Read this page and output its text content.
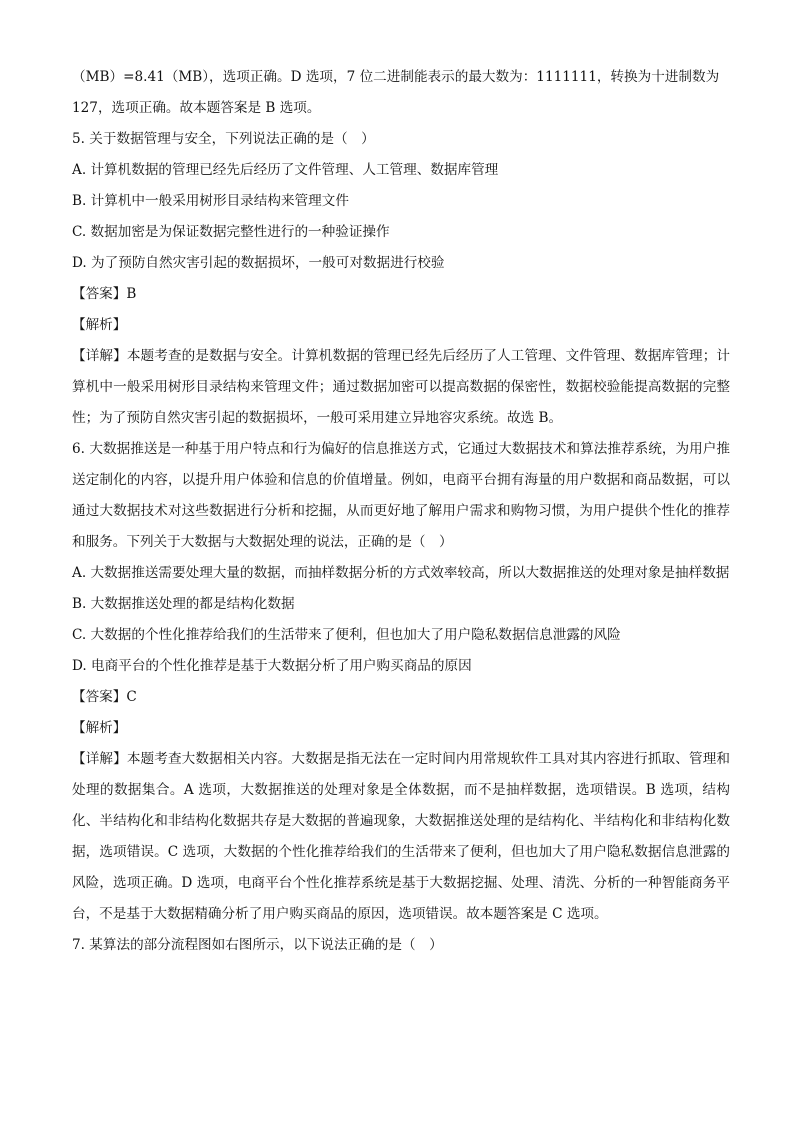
（MB）=8.41（MB），选项正确。D 选项，7 位二进制能表示的最大数为：1111111，转换为十进制数为

127，选项正确。故本题答案是 B 选项。

5. 关于数据管理与安全，下列说法正确的是（　）

A. 计算机数据的管理已经先后经历了文件管理、人工管理、数据库管理

B. 计算机中一般采用树形目录结构来管理文件

C. 数据加密是为保证数据完整性进行的一种验证操作

D. 为了预防自然灾害引起的数据损坏，一般可对数据进行校验

【答案】B

【解析】

【详解】本题考查的是数据与安全。计算机数据的管理已经先后经历了人工管理、文件管理、数据库管理；计算机中一般采用树形目录结构来管理文件；通过数据加密可以提高数据的保密性，数据校验能提高数据的完整性；为了预防自然灾害引起的数据损坏，一般可采用建立异地容灾系统。故选 B。

6. 大数据推送是一种基于用户特点和行为偏好的信息推送方式，它通过大数据技术和算法推荐系统，为用户推送定制化的内容，以提升用户体验和信息的价值增量。例如，电商平台拥有海量的用户数据和商品数据，可以通过大数据技术对这些数据进行分析和挖掘，从而更好地了解用户需求和购物习惯，为用户提供个性化的推荐和服务。下列关于大数据与大数据处理的说法，正确的是（　）

A. 大数据推送需要处理大量的数据，而抽样数据分析的方式效率较高，所以大数据推送的处理对象是抽样数据

B. 大数据推送处理的都是结构化数据

C. 大数据的个性化推荐给我们的生活带来了便利，但也加大了用户隐私数据信息泄露的风险

D. 电商平台的个性化推荐是基于大数据分析了用户购买商品的原因

【答案】C

【解析】

【详解】本题考查大数据相关内容。大数据是指无法在一定时间内用常规软件工具对其内容进行抓取、管理和处理的数据集合。A 选项，大数据推送的处理对象是全体数据，而不是抽样数据，选项错误。B 选项，结构化、半结构化和非结构化数据共存是大数据的普遍现象，大数据推送处理的是结构化、半结构化和非结构化数据，选项错误。C 选项，大数据的个性化推荐给我们的生活带来了便利，但也加大了用户隐私数据信息泄露的风险，选项正确。D 选项，电商平台个性化推荐系统是基于大数据挖掘、处理、清洗、分析的一种智能商务平台，不是基于大数据精确分析了用户购买商品的原因，选项错误。故本题答案是 C 选项。

7. 某算法的部分流程图如右图所示，以下说法正确的是（　）
